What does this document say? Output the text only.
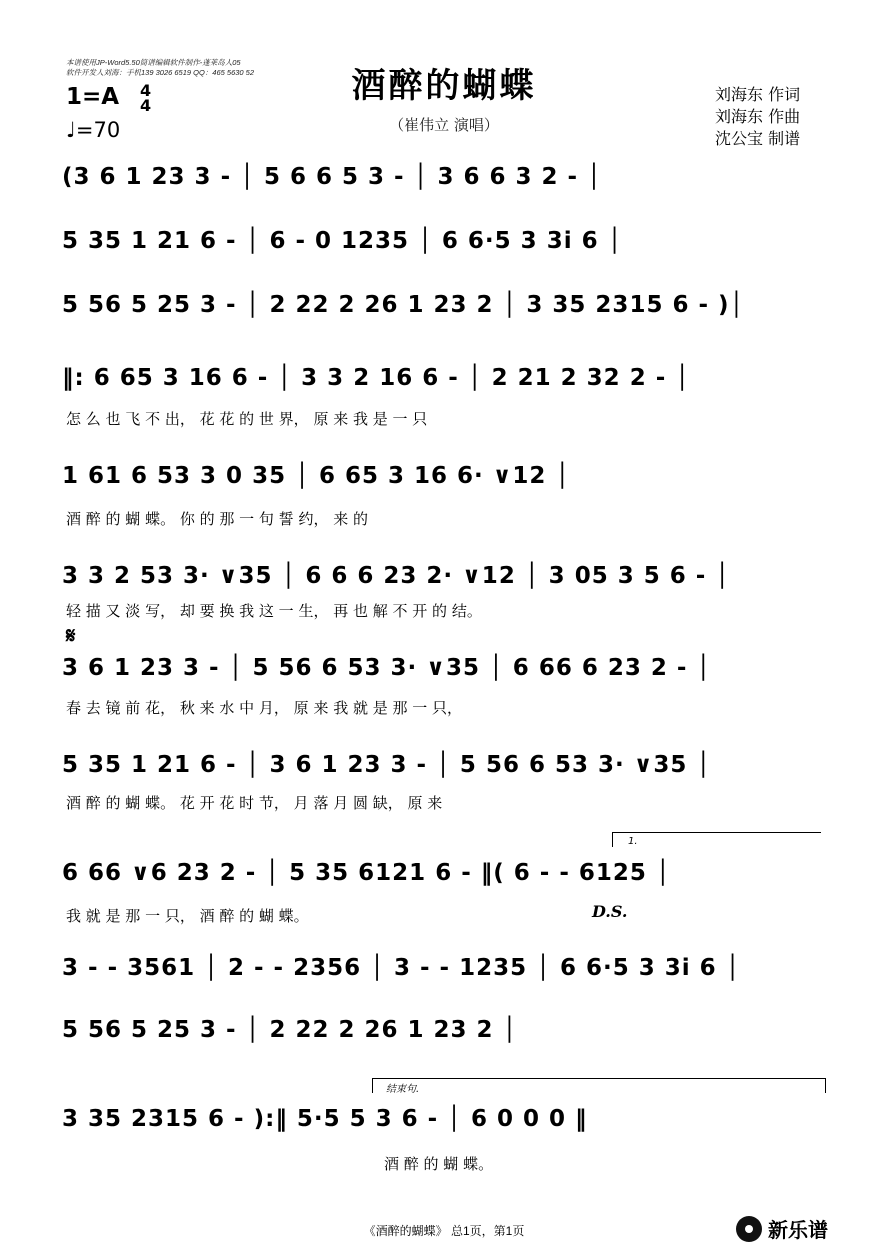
本谱使用JP-Word5.50简谱编辑软件制作-蓬莱岛人05
软件开发人刘海：手机139 3026 6519 QQ：465 5630 52	酒醉的蝴蝶
（崔伟立 演唱）
1=A 4
4
♩=70
刘海东 作词
刘海东 作曲
沈公宝 制谱
(3 6 1 23 3 - │ 5 6 6 5 3 - │ 3 6 6 3 2 - │
5 35 1 21 6 - │ 6 - 0 1235 │ 6 6·5 3 3i 6 │
5 56 5 25 3 - │ 2 22 2 26 1 23 2 │ 3 35 2315 6 - )│
‖: 6 65 3 16 6 - │ 3 3 2 16 6 - │ 2 21 2 32 2 - │
怎 么 也 飞 不 出， 花 花 的 世 界， 原 来 我 是 一 只
1 61 6 53 3 0 35 │ 6 65 3 16 6· ∨12 │
酒 醉 的 蝴 蝶。 你 的 那 一 句 誓 约， 来 的
3 3 2 53 3· ∨35 │ 6 6 6 23 2· ∨12 │ 3 05 3 5 6 - │
轻 描 又 淡 写， 却 要 换 我 这 一 生， 再 也 解 不 开 的 结。
𝄋
3 6 1 23 3 - │ 5 56 6 53 3· ∨35 │ 6 66 6 23 2 - │
春 去 镜 前 花， 秋 来 水 中 月， 原 来 我 就 是 那 一 只，
5 35 1 21 6 - │ 3 6 1 23 3 - │ 5 56 6 53 3· ∨35 │
酒 醉 的 蝴 蝶。 花 开 花 时 节， 月 落 月 圆 缺， 原 来
1.
6 66 ∨6 23 2 - │ 5 35 6121 6 - ‖( 6 - - 6125 │
我 就 是 那 一 只， 酒 醉 的 蝴 蝶。	D.S.
3 - - 3561 │ 2 - - 2356 │ 3 - - 1235 │ 6 6·5 3 3i 6 │
5 56 5 25 3 - │ 2 22 2 26 1 23 2 │
结束句.
3 35 2315 6 - ):‖ 5·5 5 3 6 - │ 6 0 0 0 ‖
酒 醉 的 蝴 蝶。
《酒醉的蝴蝶》 总1页，第1页	新乐谱
